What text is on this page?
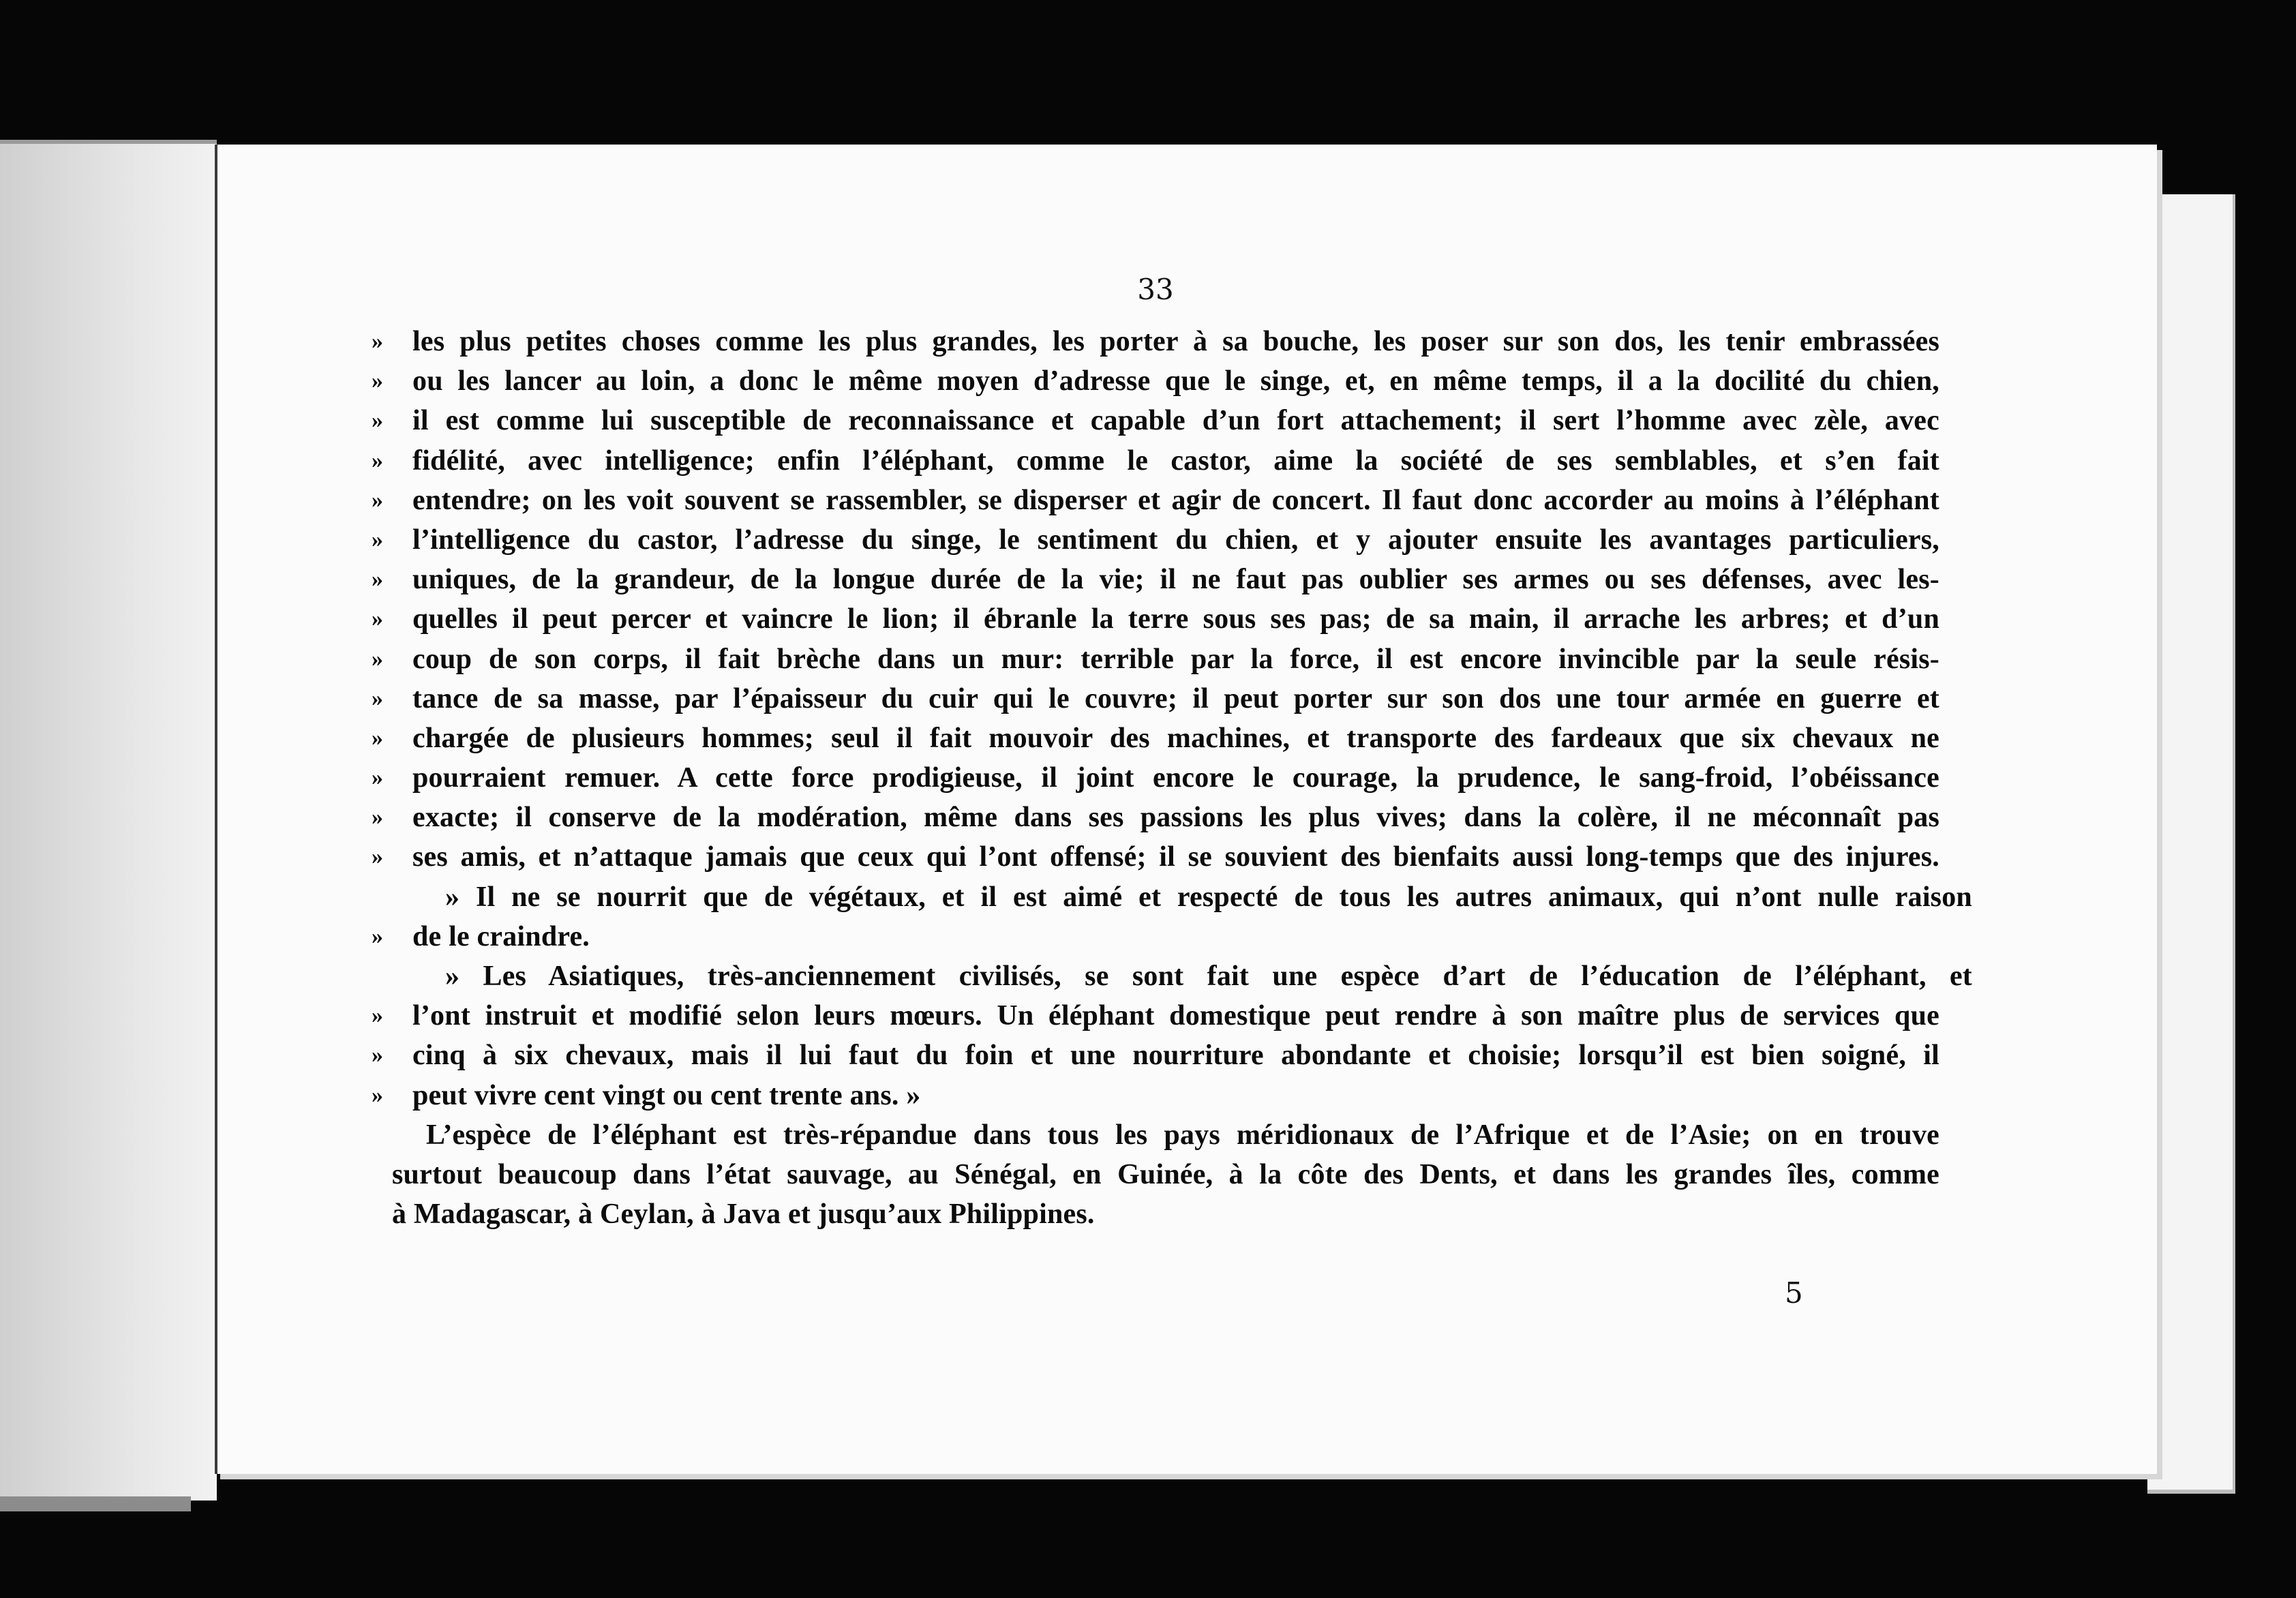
33
» les plus petites choses comme les plus grandes, les porter à sa bouche, les poser sur son dos, les tenir embrassées
» ou les lancer au loin, a donc le même moyen d’adresse que le singe, et, en même temps, il a la docilité du chien,
» il est comme lui susceptible de reconnaissance et capable d’un fort attachement; il sert l’homme avec zèle, avec
» fidélité, avec intelligence; enfin l’éléphant, comme le castor, aime la société de ses semblables, et s’en fait
» entendre; on les voit souvent se rassembler, se disperser et agir de concert. Il faut donc accorder au moins à l’éléphant
» l’intelligence du castor, l’adresse du singe, le sentiment du chien, et y ajouter ensuite les avantages particuliers,
» uniques, de la grandeur, de la longue durée de la vie; il ne faut pas oublier ses armes ou ses défenses, avec les-
» quelles il peut percer et vaincre le lion; il ébranle la terre sous ses pas; de sa main, il arrache les arbres; et d’un
» coup de son corps, il fait brèche dans un mur: terrible par la force, il est encore invincible par la seule résis-
» tance de sa masse, par l’épaisseur du cuir qui le couvre; il peut porter sur son dos une tour armée en guerre et
» chargée de plusieurs hommes; seul il fait mouvoir des machines, et transporte des fardeaux que six chevaux ne
» pourraient remuer. A cette force prodigieuse, il joint encore le courage, la prudence, le sang-froid, l’obéissance
» exacte; il conserve de la modération, même dans ses passions les plus vives; dans la colère, il ne méconnaît pas
» ses amis, et n’attaque jamais que ceux qui l’ont offensé; il se souvient des bienfaits aussi long-temps que des injures.
» Il ne se nourrit que de végétaux, et il est aimé et respecté de tous les autres animaux, qui n’ont nulle raison
» de le craindre.
» Les Asiatiques, très-anciennement civilisés, se sont fait une espèce d’art de l’éducation de l’éléphant, et
» l’ont instruit et modifié selon leurs mœurs. Un éléphant domestique peut rendre à son maître plus de services que
» cinq à six chevaux, mais il lui faut du foin et une nourriture abondante et choisie; lorsqu’il est bien soigné, il
» peut vivre cent vingt ou cent trente ans. »
L’espèce de l’éléphant est très-répandue dans tous les pays méridionaux de l’Afrique et de l’Asie; on en trouve
surtout beaucoup dans l’état sauvage, au Sénégal, en Guinée, à la côte des Dents, et dans les grandes îles, comme
à Madagascar, à Ceylan, à Java et jusqu’aux Philippines.
5
